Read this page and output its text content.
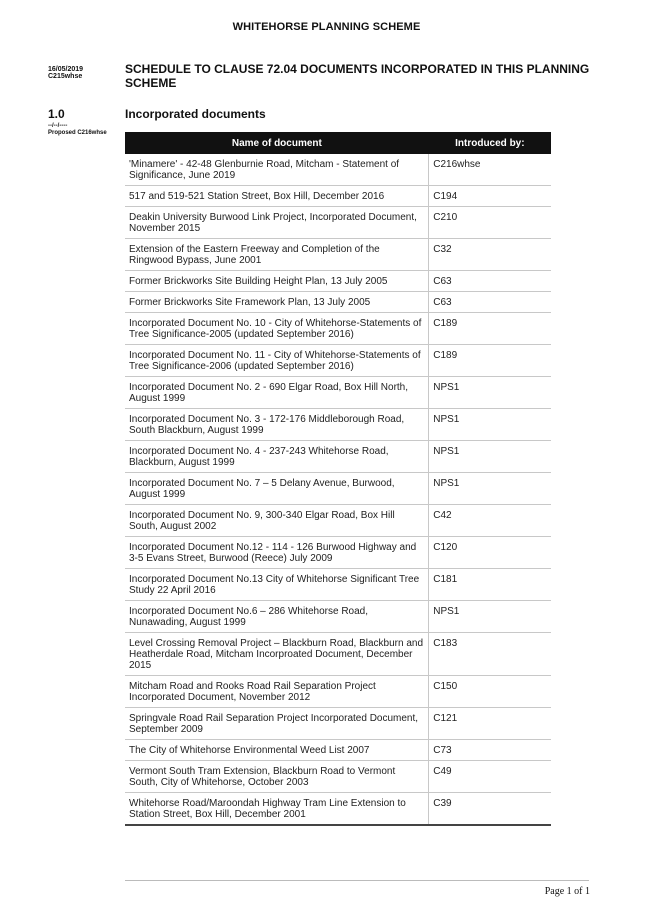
WHITEHORSE PLANNING SCHEME
16/05/2019
C215whse
SCHEDULE TO CLAUSE 72.04 DOCUMENTS INCORPORATED IN THIS PLANNING SCHEME
1.0
--/--/----
Proposed C216whse
Incorporated documents
Name of document	Introduced by:
'Minamere' - 42-48 Glenburnie Road, Mitcham - Statement of Significance, June 2019	C216whse
517 and 519-521 Station Street, Box Hill, December 2016	C194
Deakin University Burwood Link Project, Incorporated Document, November 2015	C210
Extension of the Eastern Freeway and Completion of the Ringwood Bypass, June 2001	C32
Former Brickworks Site Building Height Plan, 13 July 2005	C63
Former Brickworks Site Framework Plan, 13 July 2005	C63
Incorporated Document No. 10 - City of Whitehorse-Statements of Tree Significance-2005 (updated September 2016)	C189
Incorporated Document No. 11 - City of Whitehorse-Statements of Tree Significance-2006 (updated September 2016)	C189
Incorporated Document No. 2 - 690 Elgar Road, Box Hill North, August 1999	NPS1
Incorporated Document No. 3 - 172-176 Middleborough Road, South Blackburn, August 1999	NPS1
Incorporated Document No. 4 - 237-243 Whitehorse Road, Blackburn, August 1999	NPS1
Incorporated Document No. 7 – 5 Delany Avenue, Burwood, August 1999	NPS1
Incorporated Document No. 9, 300-340 Elgar Road, Box Hill South, August 2002	C42
Incorporated Document No.12 - 114 - 126 Burwood Highway and 3-5 Evans Street, Burwood (Reece) July 2009	C120
Incorporated Document No.13 City of Whitehorse Significant Tree Study 22 April 2016	C181
Incorporated Document No.6 – 286 Whitehorse Road, Nunawading, August 1999	NPS1
Level Crossing Removal Project – Blackburn Road, Blackburn and Heatherdale Road, Mitcham Incorproated Document, December 2015	C183
Mitcham Road and Rooks Road Rail Separation Project Incorporated Document, November 2012	C150
Springvale Road Rail Separation Project Incorporated Document, September 2009	C121
The City of Whitehorse Environmental Weed List 2007	C73
Vermont South Tram Extension, Blackburn Road to Vermont South, City of Whitehorse, October 2003	C49
Whitehorse Road/Maroondah Highway Tram Line Extension to Station Street, Box Hill, December 2001	C39
Page 1 of 1
